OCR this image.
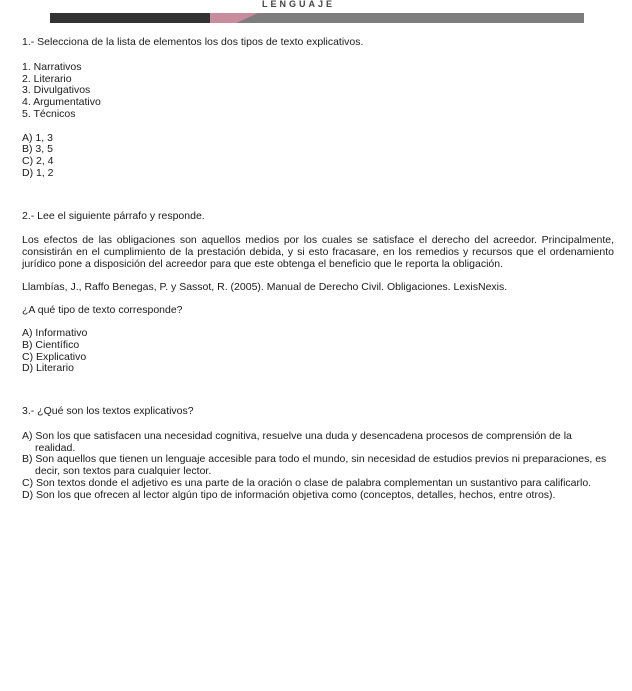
LENGUAJE
1.- Selecciona de la lista de elementos los dos tipos de texto explicativos.
1. Narrativos
2. Literario
3. Divulgativos
4. Argumentativo
5. Técnicos
A) 1, 3
B) 3, 5
C) 2, 4
D) 1, 2
2.- Lee el siguiente párrafo y responde.
Los efectos de las obligaciones son aquellos medios por los cuales se satisface el derecho del acreedor. Principalmente, consistirán en el cumplimiento de la prestación debida, y si esto fracasare, en los remedios y recursos que el ordenamiento jurídico pone a disposición del acreedor para que este obtenga el beneficio que le reporta la obligación.
Llambías, J., Raffo Benegas, P. y Sassot, R. (2005). Manual de Derecho Civil. Obligaciones. LexisNexis.
¿A qué tipo de texto corresponde?
A) Informativo
B) Científico
C) Explicativo
D) Literario
3.- ¿Qué son los textos explicativos?
A) Son los que satisfacen una necesidad cognitiva, resuelve una duda y desencadena procesos de comprensión de la realidad.
B) Son aquellos que tienen un lenguaje accesible para todo el mundo, sin necesidad de estudios previos ni preparaciones, es decir, son textos para cualquier lector.
C) Son textos donde el adjetivo es una parte de la oración o clase de palabra complementan un sustantivo para calificarlo.
D) Son los que ofrecen al lector algún tipo de información objetiva como (conceptos, detalles, hechos, entre otros).
